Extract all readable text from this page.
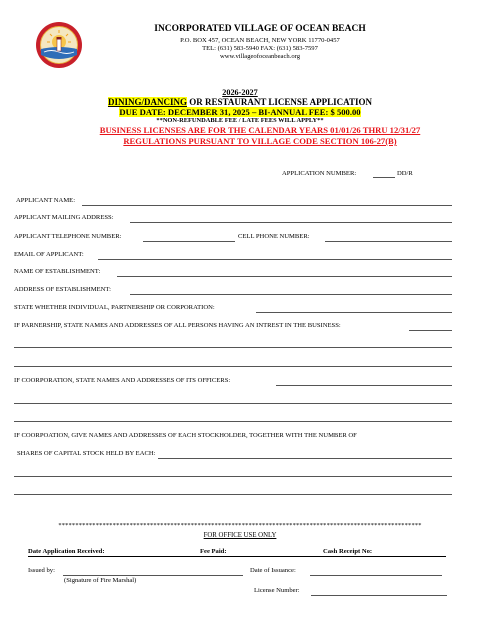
INCORPORATED VILLAGE OF OCEAN BEACH
P.O. BOX 457, OCEAN BEACH, NEW YORK 11770-0457
TEL: (631) 583-5940 FAX: (631) 583-7597
www.villageofoceanbeach.org
2026-2027
DINING/DANCING OR RESTAURANT LICENSE APPLICATION
DUE DATE: DECEMBER 31, 2025 – BI-ANNUAL FEE: $ 500.00
**NON-REFUNDABLE FEE / LATE FEES WILL APPLY**
BUSINESS LICENSES ARE FOR THE CALENDAR YEARS 01/01/26 THRU 12/31/27
REGULATIONS PURSUANT TO VILLAGE CODE SECTION 106-27(B)
APPLICATION NUMBER:	DD/R
APPLICANT NAME:
APPLICANT MAILING ADDRESS:
APPLICANT TELEPHONE NUMBER:	CELL PHONE NUMBER:
EMAIL OF APPLICANT:
NAME OF ESTABLISHMENT:
ADDRESS OF ESTABLISHMENT:
STATE WHETHER INDIVIDUAL, PARTNERSHIP OR CORPORATION:
IF PARNERSHIP, STATE NAMES AND ADDRESSES OF ALL PERSONS HAVING AN INTREST IN THE BUSINESS:
IF COORPORATION, STATE NAMES AND ADDRESSES OF ITS OFFICERS:
IF COORPOATION, GIVE NAMES AND ADDRESSES OF EACH STOCKHOLDER, TOGETHER WITH THE NUMBER OF
SHARES OF CAPITAL STOCK HELD BY EACH:
***********************************************************************************************************
FOR OFFICE USE ONLY
Date Application Received:	Fee Paid:	Cash Receipt No:
Issued by:
(Signature of Fire Marshal)
Date of Issuance:
License Number:
